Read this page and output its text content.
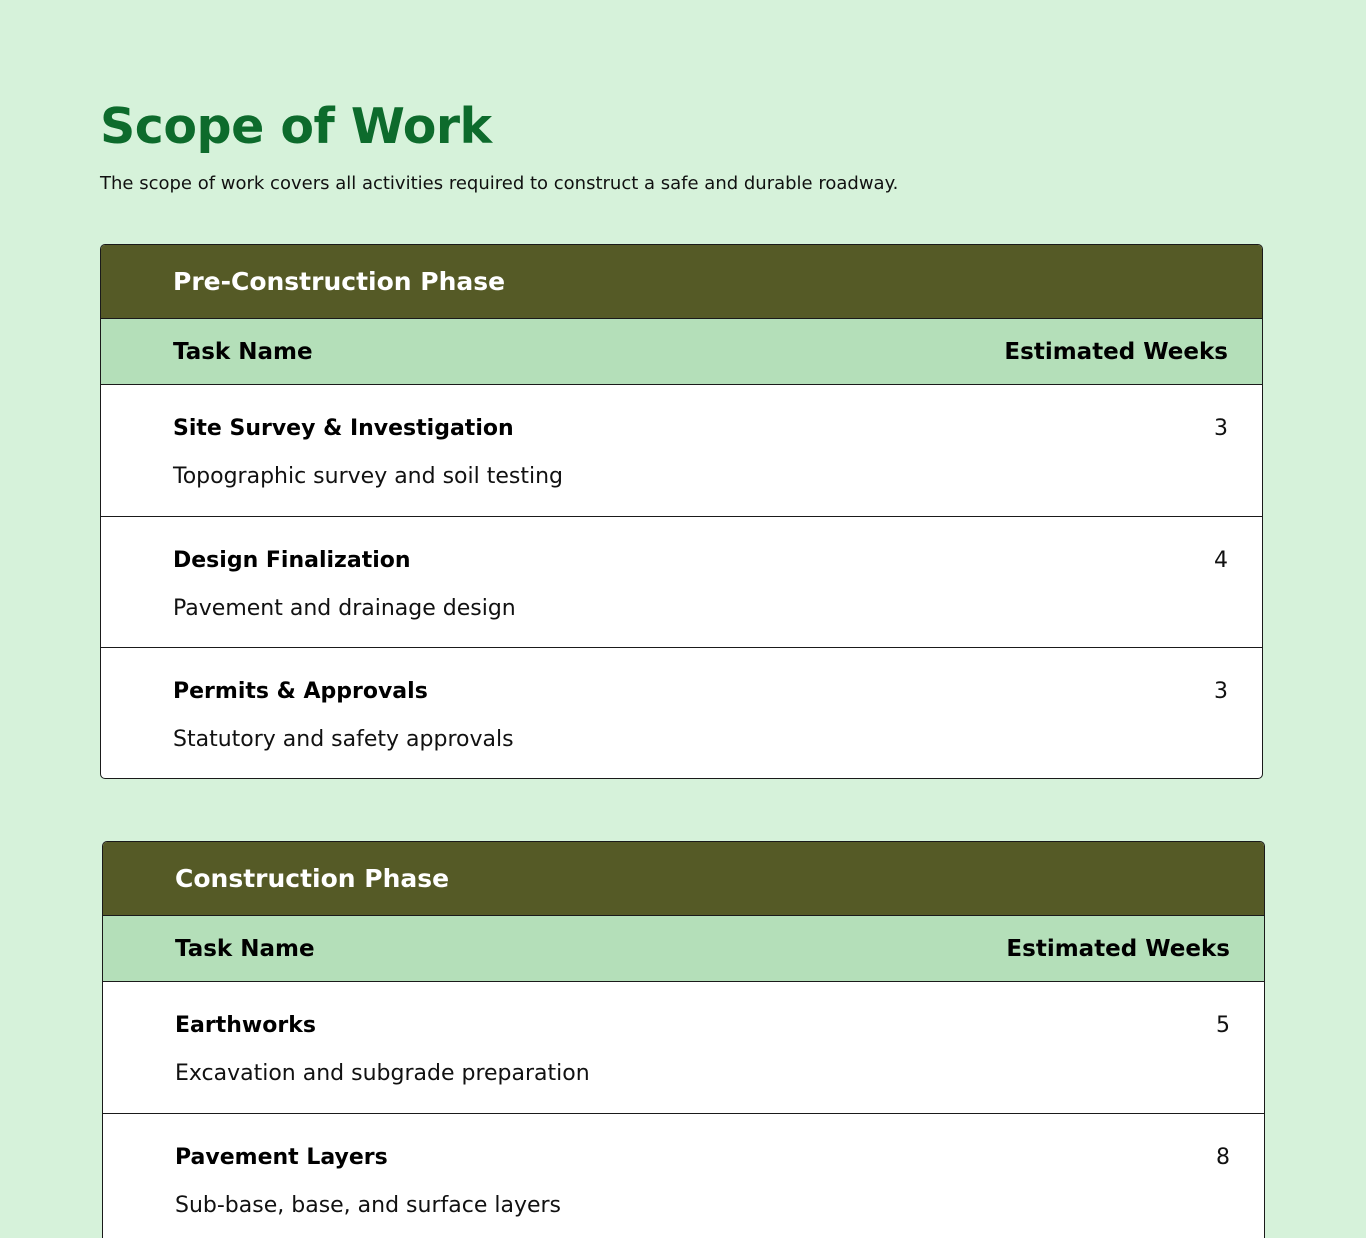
Scope of Work

The scope of work covers all activities required to construct a safe and durable roadway.

Pre-Construction Phase
Task Name	Estimated Weeks
Site Survey & Investigation	3
Topographic survey and soil testing
Design Finalization	4
Pavement and drainage design
Permits & Approvals	3
Statutory and safety approvals
Construction Phase
Task Name	Estimated Weeks
Earthworks	5
Excavation and subgrade preparation
Pavement Layers	8
Sub-base, base, and surface layers
